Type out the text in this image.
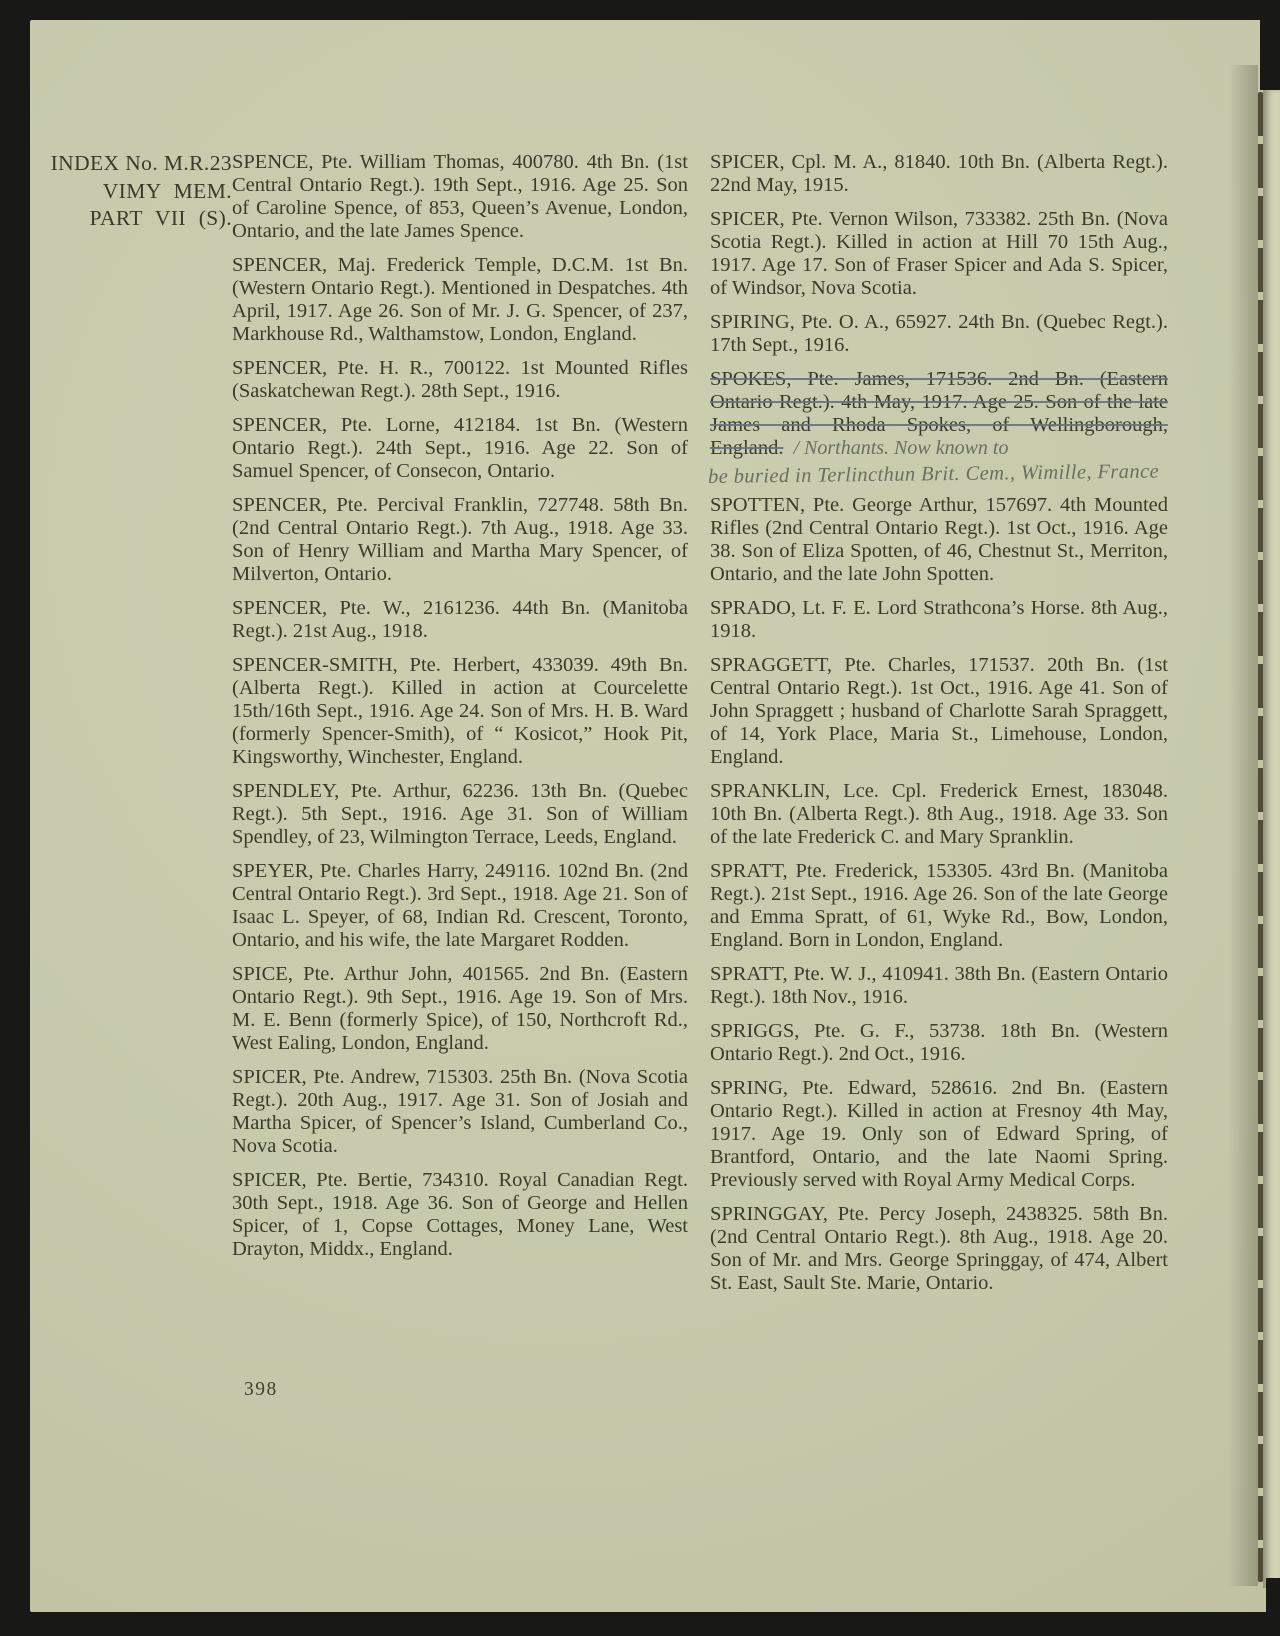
INDEX No. M.R.23
VIMY MEM.
PART VII (S).

SPENCE, Pte. William Thomas, 400780. 4th Bn. (1st Central Ontario Regt.). 19th Sept., 1916. Age 25. Son of Caroline Spence, of 853, Queen’s Avenue, London, Ontario, and the late James Spence.

SPENCER, Maj. Frederick Temple, D.C.M. 1st Bn. (Western Ontario Regt.). Mentioned in Despatches. 4th April, 1917. Age 26. Son of Mr. J. G. Spencer, of 237, Markhouse Rd., Walthamstow, London, England.

SPENCER, Pte. H. R., 700122. 1st Mounted Rifles (Saskatchewan Regt.). 28th Sept., 1916.

SPENCER, Pte. Lorne, 412184. 1st Bn. (Western Ontario Regt.). 24th Sept., 1916. Age 22. Son of Samuel Spencer, of Consecon, Ontario.

SPENCER, Pte. Percival Franklin, 727748. 58th Bn. (2nd Central Ontario Regt.). 7th Aug., 1918. Age 33. Son of Henry William and Martha Mary Spencer, of Milverton, Ontario.

SPENCER, Pte. W., 2161236. 44th Bn. (Manitoba Regt.). 21st Aug., 1918.

SPENCER-SMITH, Pte. Herbert, 433039. 49th Bn. (Alberta Regt.). Killed in action at Courcelette 15th/16th Sept., 1916. Age 24. Son of Mrs. H. B. Ward (formerly Spencer-Smith), of “ Kosicot,” Hook Pit, Kingsworthy, Winchester, England.

SPENDLEY, Pte. Arthur, 62236. 13th Bn. (Quebec Regt.). 5th Sept., 1916. Age 31. Son of William Spendley, of 23, Wilmington Terrace, Leeds, England.

SPEYER, Pte. Charles Harry, 249116. 102nd Bn. (2nd Central Ontario Regt.). 3rd Sept., 1918. Age 21. Son of Isaac L. Speyer, of 68, Indian Rd. Crescent, Toronto, Ontario, and his wife, the late Margaret Rodden.

SPICE, Pte. Arthur John, 401565. 2nd Bn. (Eastern Ontario Regt.). 9th Sept., 1916. Age 19. Son of Mrs. M. E. Benn (formerly Spice), of 150, Northcroft Rd., West Ealing, London, England.

SPICER, Pte. Andrew, 715303. 25th Bn. (Nova Scotia Regt.). 20th Aug., 1917. Age 31. Son of Josiah and Martha Spicer, of Spencer’s Island, Cumberland Co., Nova Scotia.

SPICER, Pte. Bertie, 734310. Royal Canadian Regt. 30th Sept., 1918. Age 36. Son of George and Hellen Spicer, of 1, Copse Cottages, Money Lane, West Drayton, Middx., England.

SPICER, Cpl. M. A., 81840. 10th Bn. (Alberta Regt.). 22nd May, 1915.

SPICER, Pte. Vernon Wilson, 733382. 25th Bn. (Nova Scotia Regt.). Killed in action at Hill 70 15th Aug., 1917. Age 17. Son of Fraser Spicer and Ada S. Spicer, of Windsor, Nova Scotia.

SPIRING, Pte. O. A., 65927. 24th Bn. (Quebec Regt.). 17th Sept., 1916.

SPOKES, Pte. James, 171536. 2nd Bn. (Eastern Ontario Regt.). 4th May, 1917. Age 25. Son of the late James and Rhoda Spokes, of Wellingborough, England. / Northants. Now known to

be buried in Terlincthun Brit. Cem., Wimille, France

SPOTTEN, Pte. George Arthur, 157697. 4th Mounted Rifles (2nd Central Ontario Regt.). 1st Oct., 1916. Age 38. Son of Eliza Spotten, of 46, Chestnut St., Merriton, Ontario, and the late John Spotten.

SPRADO, Lt. F. E. Lord Strathcona’s Horse. 8th Aug., 1918.

SPRAGGETT, Pte. Charles, 171537. 20th Bn. (1st Central Ontario Regt.). 1st Oct., 1916. Age 41. Son of John Spraggett ; husband of Charlotte Sarah Spraggett, of 14, York Place, Maria St., Limehouse, London, England.

SPRANKLIN, Lce. Cpl. Frederick Ernest, 183048. 10th Bn. (Alberta Regt.). 8th Aug., 1918. Age 33. Son of the late Frederick C. and Mary Spranklin.

SPRATT, Pte. Frederick, 153305. 43rd Bn. (Manitoba Regt.). 21st Sept., 1916. Age 26. Son of the late George and Emma Spratt, of 61, Wyke Rd., Bow, London, England. Born in London, England.

SPRATT, Pte. W. J., 410941. 38th Bn. (Eastern Ontario Regt.). 18th Nov., 1916.

SPRIGGS, Pte. G. F., 53738. 18th Bn. (Western Ontario Regt.). 2nd Oct., 1916.

SPRING, Pte. Edward, 528616. 2nd Bn. (Eastern Ontario Regt.). Killed in action at Fresnoy 4th May, 1917. Age 19. Only son of Edward Spring, of Brantford, Ontario, and the late Naomi Spring. Previously served with Royal Army Medical Corps.

SPRINGGAY, Pte. Percy Joseph, 2438325. 58th Bn. (2nd Central Ontario Regt.). 8th Aug., 1918. Age 20. Son of Mr. and Mrs. George Springgay, of 474, Albert St. East, Sault Ste. Marie, Ontario.

398
